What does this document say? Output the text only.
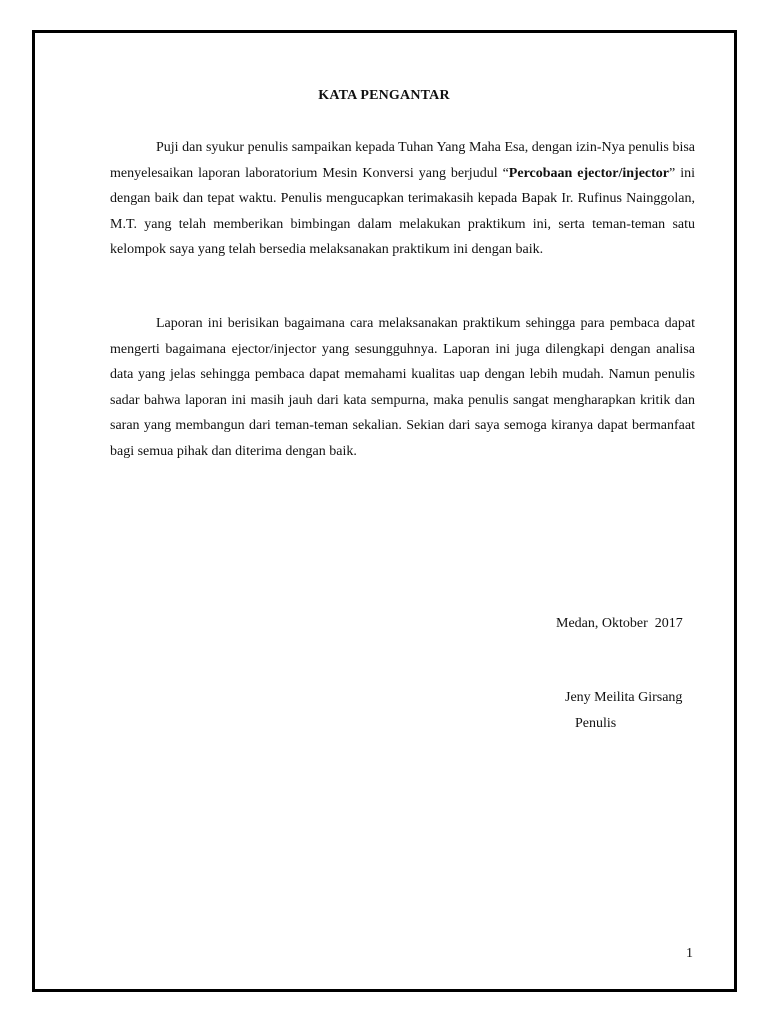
KATA PENGANTAR

Puji dan syukur penulis sampaikan kepada Tuhan Yang Maha Esa, dengan izin-Nya penulis bisa menyelesaikan laporan laboratorium Mesin Konversi yang berjudul “Percobaan ejector/injector” ini dengan baik dan tepat waktu. Penulis mengucapkan terimakasih kepada Bapak Ir. Rufinus Nainggolan, M.T. yang telah memberikan bimbingan dalam melakukan praktikum ini, serta teman-teman satu kelompok saya yang telah bersedia melaksanakan praktikum ini dengan baik.

Laporan ini berisikan bagaimana cara melaksanakan praktikum sehingga para pembaca dapat mengerti bagaimana ejector/injector yang sesungguhnya. Laporan ini juga dilengkapi dengan analisa data yang jelas sehingga pembaca dapat memahami kualitas uap dengan lebih mudah. Namun penulis sadar bahwa laporan ini masih jauh dari kata sempurna, maka penulis sangat mengharapkan kritik dan saran yang membangun dari teman-teman sekalian. Sekian dari saya semoga kiranya dapat bermanfaat bagi semua pihak dan diterima dengan baik.

Medan, Oktober  2017
Jeny Meilita Girsang
Penulis
1
